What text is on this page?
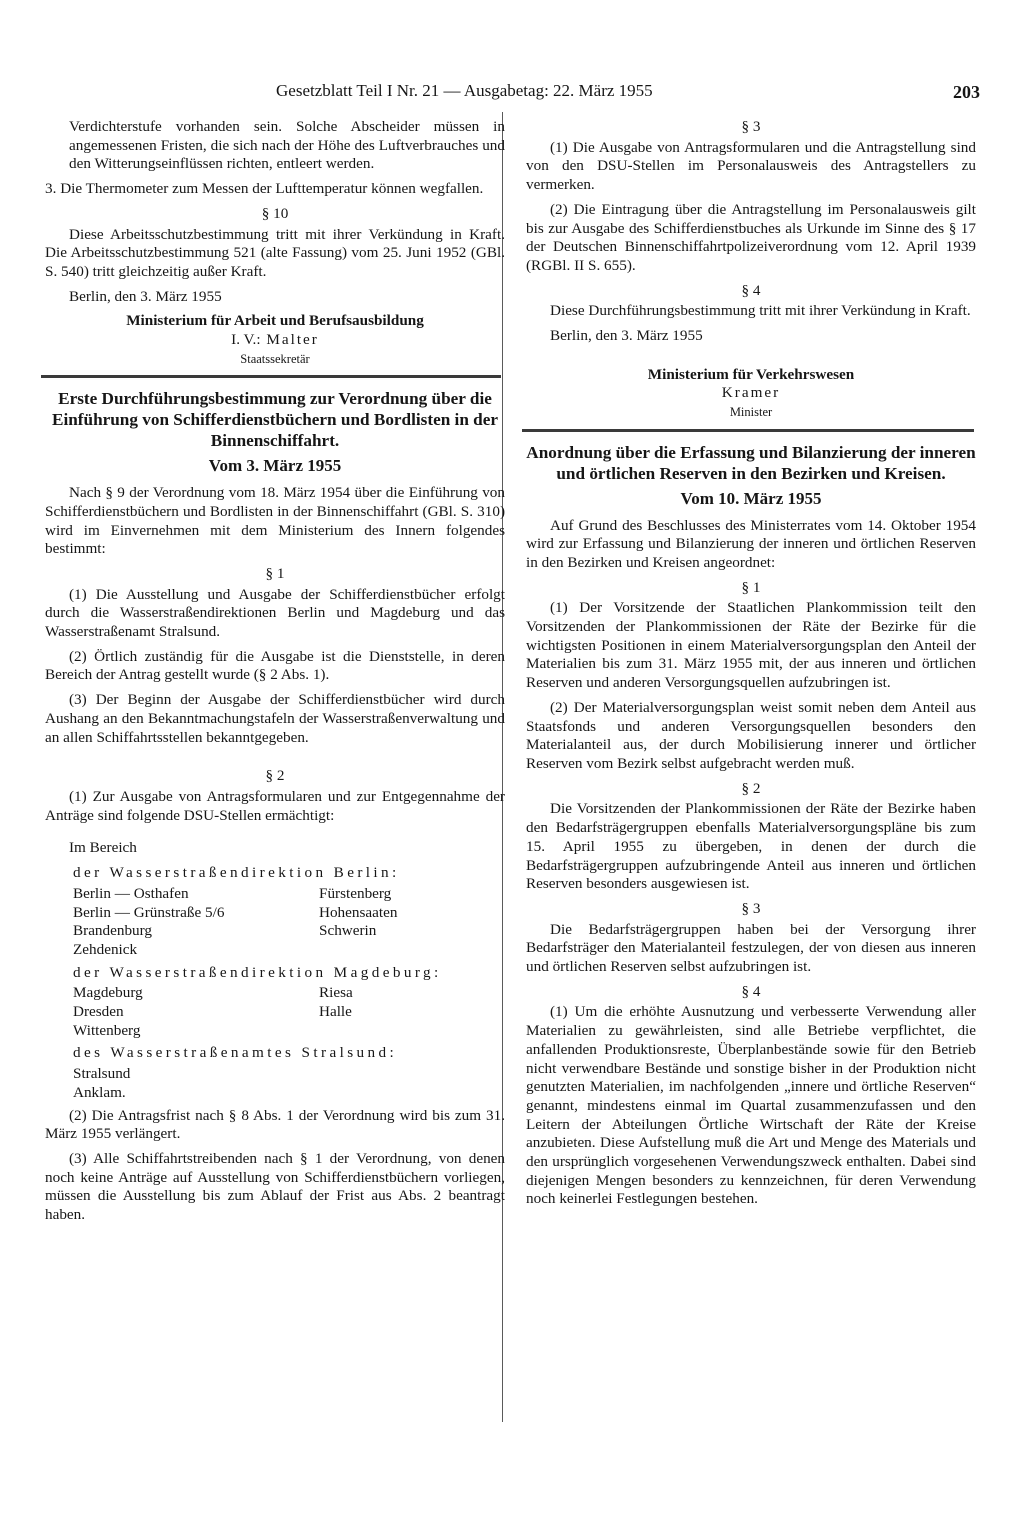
Gesetzblatt Teil I Nr. 21 — Ausgabetag: 22. März 1955	203

Verdichterstufe vorhanden sein. Solche Abscheider müssen in angemessenen Fristen, die sich nach der Höhe des Luftverbrauches und den Witterungseinflüssen richten, entleert werden.

3. Die Thermometer zum Messen der Lufttemperatur können wegfallen.

§ 10

Diese Arbeitsschutzbestimmung tritt mit ihrer Verkündung in Kraft. Die Arbeitsschutzbestimmung 521 (alte Fassung) vom 25. Juni 1952 (GBl. S. 540) tritt gleichzeitig außer Kraft.

Berlin, den 3. März 1955

Ministerium für Arbeit und Berufsausbildung
I. V.: Malter
Staatssekretär
Erste Durchführungsbestimmung zur Verordnung über die Einführung von Schifferdienstbüchern und Bordlisten in der Binnenschiffahrt.
Vom 3. März 1955

Nach § 9 der Verordnung vom 18. März 1954 über die Einführung von Schifferdienstbüchern und Bordlisten in der Binnenschiffahrt (GBl. S. 310) wird im Einvernehmen mit dem Ministerium des Innern folgendes bestimmt:

§ 1

(1) Die Ausstellung und Ausgabe der Schifferdienstbücher erfolgt durch die Wasserstraßendirektionen Berlin und Magdeburg und das Wasserstraßenamt Stralsund.

(2) Örtlich zuständig für die Ausgabe ist die Dienststelle, in deren Bereich der Antrag gestellt wurde (§ 2 Abs. 1).

(3) Der Beginn der Ausgabe der Schifferdienstbücher wird durch Aushang an den Bekanntmachungstafeln der Wasserstraßenverwaltung und an allen Schiffahrtsstellen bekanntgegeben.

§ 2

(1) Zur Ausgabe von Antragsformularen und zur Entgegennahme der Anträge sind folgende DSU-Stellen ermächtigt:

Im Bereich
der Wasserstraßendirektion Berlin:
Berlin — Osthafen
Berlin — Grünstraße 5/6
Brandenburg
Zehdenick
Fürstenberg
Hohensaaten
Schwerin
der Wasserstraßendirektion Magdeburg:
Magdeburg
Dresden
Wittenberg
Riesa
Halle
des Wasserstraßenamtes Stralsund:
Stralsund
Anklam.

(2) Die Antragsfrist nach § 8 Abs. 1 der Verordnung wird bis zum 31. März 1955 verlängert.

(3) Alle Schiffahrtstreibenden nach § 1 der Verordnung, von denen noch keine Anträge auf Ausstellung von Schifferdienstbüchern vorliegen, müssen die Ausstellung bis zum Ablauf der Frist aus Abs. 2 beantragt haben.

§ 3

(1) Die Ausgabe von Antragsformularen und die Antragstellung sind von den DSU-Stellen im Personalausweis des Antragstellers zu vermerken.

(2) Die Eintragung über die Antragstellung im Personalausweis gilt bis zur Ausgabe des Schifferdienstbuches als Urkunde im Sinne des § 17 der Deutschen Binnenschiffahrtpolizeiverordnung vom 12. April 1939 (RGBl. II S. 655).

§ 4

Diese Durchführungsbestimmung tritt mit ihrer Verkündung in Kraft.

Berlin, den 3. März 1955

Ministerium für Verkehrswesen
Kramer
Minister
Anordnung über die Erfassung und Bilanzierung der inneren und örtlichen Reserven in den Bezirken und Kreisen.
Vom 10. März 1955

Auf Grund des Beschlusses des Ministerrates vom 14. Oktober 1954 wird zur Erfassung und Bilanzierung der inneren und örtlichen Reserven in den Bezirken und Kreisen angeordnet:

§ 1

(1) Der Vorsitzende der Staatlichen Plankommission teilt den Vorsitzenden der Plankommissionen der Räte der Bezirke für die wichtigsten Positionen in einem Materialversorgungsplan den Anteil der Materialien bis zum 31. März 1955 mit, der aus inneren und örtlichen Reserven und anderen Versorgungsquellen aufzubringen ist.

(2) Der Materialversorgungsplan weist somit neben dem Anteil aus Staatsfonds und anderen Versorgungsquellen besonders den Materialanteil aus, der durch Mobilisierung innerer und örtlicher Reserven vom Bezirk selbst aufgebracht werden muß.

§ 2

Die Vorsitzenden der Plankommissionen der Räte der Bezirke haben den Bedarfsträgergruppen ebenfalls Materialversorgungspläne bis zum 15. April 1955 zu übergeben, in denen der durch die Bedarfsträgergruppen aufzubringende Anteil aus inneren und örtlichen Reserven besonders ausgewiesen ist.

§ 3

Die Bedarfsträgergruppen haben bei der Versorgung ihrer Bedarfsträger den Materialanteil festzulegen, der von diesen aus inneren und örtlichen Reserven selbst aufzubringen ist.

§ 4

(1) Um die erhöhte Ausnutzung und verbesserte Verwendung aller Materialien zu gewährleisten, sind alle Betriebe verpflichtet, die anfallenden Produktionsreste, Überplanbestände sowie für den Betrieb nicht verwendbare Bestände und sonstige bisher in der Produktion nicht genutzten Materialien, im nachfolgenden „innere und örtliche Reserven“ genannt, mindestens einmal im Quartal zusammenzufassen und den Leitern der Abteilungen Örtliche Wirtschaft der Räte der Kreise anzubieten. Diese Aufstellung muß die Art und Menge des Materials und den ursprünglich vorgesehenen Verwendungszweck enthalten. Dabei sind diejenigen Mengen besonders zu kennzeichnen, für deren Verwendung noch keinerlei Festlegungen bestehen.
